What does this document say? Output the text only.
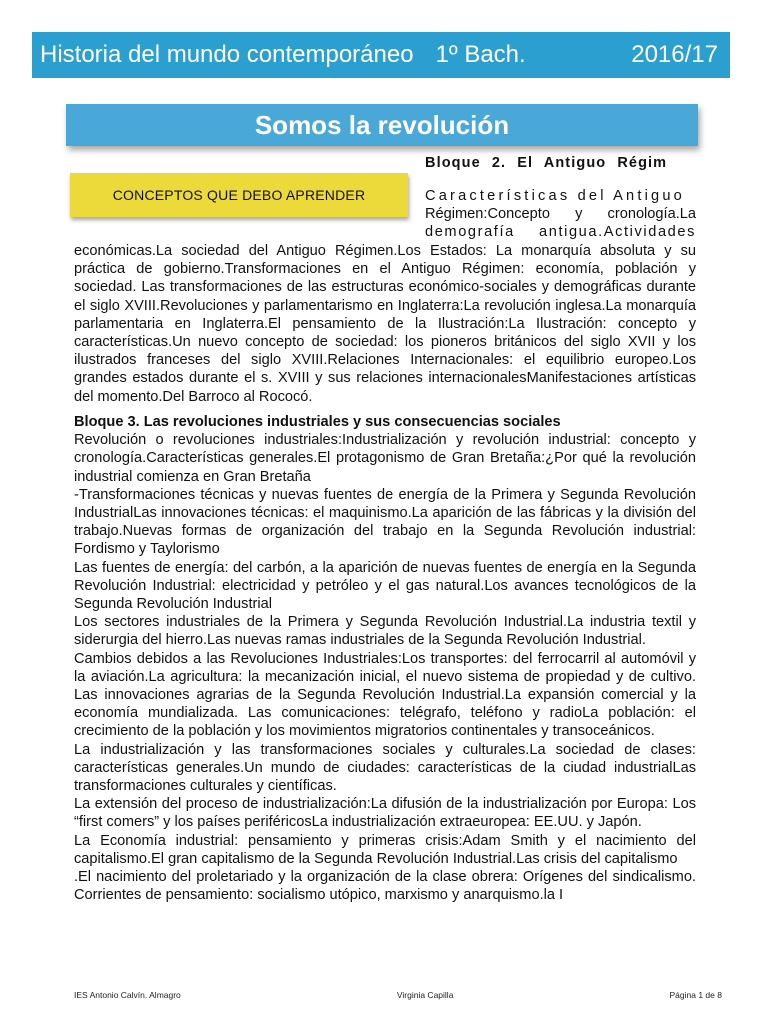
Historia del mundo contemporáneo 1º Bach.	2016/17
Somos la revolución
CONCEPTOS QUE DEBO APRENDER
Bloque 2. El Antiguo Régim
Características del Antiguo
Régimen:Concepto y cronología.La
demografía antigua.Actividades
económicas.La sociedad del Antiguo Régimen.Los Estados: La monarquía absoluta y su práctica de gobierno.Transformaciones en el Antiguo Régimen: economía, población y sociedad. Las transformaciones de las estructuras económico-sociales y demográficas durante el siglo XVIII.Revoluciones y parlamentarismo en Inglaterra:La revolución inglesa.La monarquía parlamentaria en Inglaterra.El pensamiento de la Ilustración:La Ilustración: concepto y características.Un nuevo concepto de sociedad: los pioneros británicos del siglo XVII y los ilustrados franceses del siglo XVIII.Relaciones Internacionales: el equilibrio europeo.Los grandes estados durante el s. XVIII y sus relaciones internacionalesManifestaciones artísticas del momento.Del Barroco al Rococó.
Bloque 3. Las revoluciones industriales y sus consecuencias sociales
Revolución o revoluciones industriales:Industrialización y revolución industrial: concepto y cronología.Características generales.El protagonismo de Gran Bretaña:¿Por qué la revolución industrial comienza en Gran Bretaña
-Transformaciones técnicas y nuevas fuentes de energía de la Primera y Segunda Revolución IndustrialLas innovaciones técnicas: el maquinismo.La aparición de las fábricas y la división del trabajo.Nuevas formas de organización del trabajo en la Segunda Revolución industrial: Fordismo y Taylorismo
Las fuentes de energía: del carbón, a la aparición de nuevas fuentes de energía en la Segunda Revolución Industrial: electricidad y petróleo y el gas natural.Los avances tecnológicos de la Segunda Revolución Industrial
Los sectores industriales de la Primera y Segunda Revolución Industrial.La industria textil y siderurgia del hierro.Las nuevas ramas industriales de la Segunda Revolución Industrial.
Cambios debidos a las Revoluciones Industriales:Los transportes: del ferrocarril al automóvil y la aviación.La agricultura: la mecanización inicial, el nuevo sistema de propiedad y de cultivo. Las innovaciones agrarias de la Segunda Revolución Industrial.La expansión comercial y la economía mundializada. Las comunicaciones: telégrafo, teléfono y radioLa población: el crecimiento de la población y los movimientos migratorios continentales y transoceánicos.
La industrialización y las transformaciones sociales y culturales.La sociedad de clases: características generales.Un mundo de ciudades: características de la ciudad industrialLas transformaciones culturales y científicas.
La extensión del proceso de industrialización:La difusión de la industrialización por Europa: Los “first comers” y los países periféricosLa industrialización extraeuropea: EE.UU. y Japón.
La Economía industrial: pensamiento y primeras crisis:Adam Smith y el nacimiento del capitalismo.El gran capitalismo de la Segunda Revolución Industrial.Las crisis del capitalismo
.El nacimiento del proletariado y la organización de la clase obrera: Orígenes del sindicalismo. Corrientes de pensamiento: socialismo utópico, marxismo y anarquismo.la I
IES Antonio Calvín. Almagro	Virginia Capilla	Página 1 de 8
